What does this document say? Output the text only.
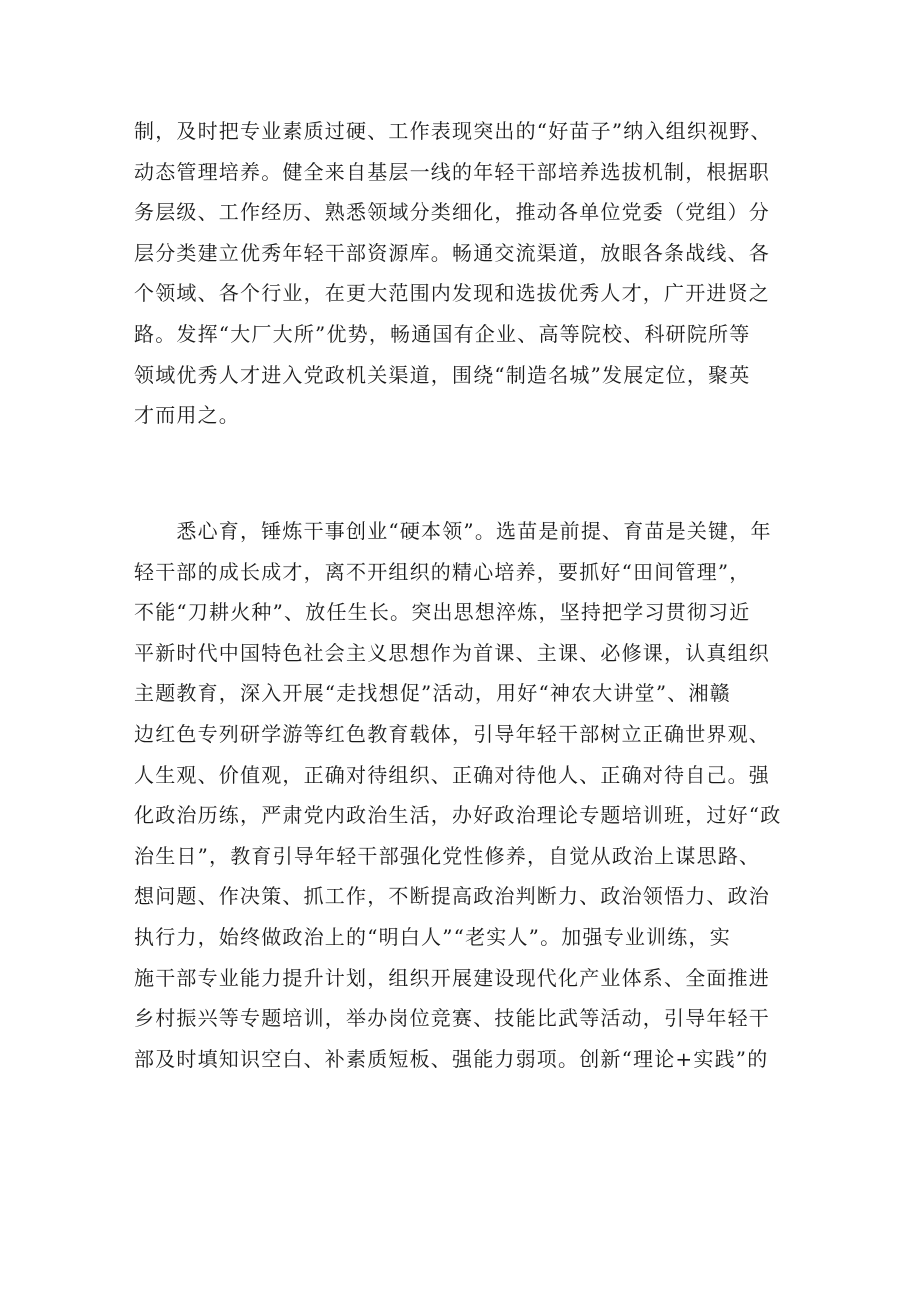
制，及时把专业素质过硬、工作表现突出的“好苗子”纳入组织视野、
动态管理培养。健全来自基层一线的年轻干部培养选拔机制，根据职
务层级、工作经历、熟悉领域分类细化，推动各单位党委（党组）分
层分类建立优秀年轻干部资源库。畅通交流渠道，放眼各条战线、各
个领域、各个行业，在更大范围内发现和选拔优秀人才，广开进贤之
路。发挥“大厂大所”优势，畅通国有企业、高等院校、科研院所等
领域优秀人才进入党政机关渠道，围绕“制造名城”发展定位，聚英
才而用之。
　　悉心育，锤炼干事创业“硬本领”。选苗是前提、育苗是关键，年
轻干部的成长成才，离不开组织的精心培养，要抓好“田间管理”，
不能“刀耕火种”、放任生长。突出思想淬炼，坚持把学习贯彻习近
平新时代中国特色社会主义思想作为首课、主课、必修课，认真组织
主题教育，深入开展“走找想促”活动，用好“神农大讲堂”、湘赣
边红色专列研学游等红色教育载体，引导年轻干部树立正确世界观、
人生观、价值观，正确对待组织、正确对待他人、正确对待自己。强
化政治历练，严肃党内政治生活，办好政治理论专题培训班，过好“政
治生日”，教育引导年轻干部强化党性修养，自觉从政治上谋思路、
想问题、作决策、抓工作，不断提高政治判断力、政治领悟力、政治
执行力，始终做政治上的“明白人”“老实人”。加强专业训练，实
施干部专业能力提升计划，组织开展建设现代化产业体系、全面推进
乡村振兴等专题培训，举办岗位竞赛、技能比武等活动，引导年轻干
部及时填知识空白、补素质短板、强能力弱项。创新“理论+实践”的
